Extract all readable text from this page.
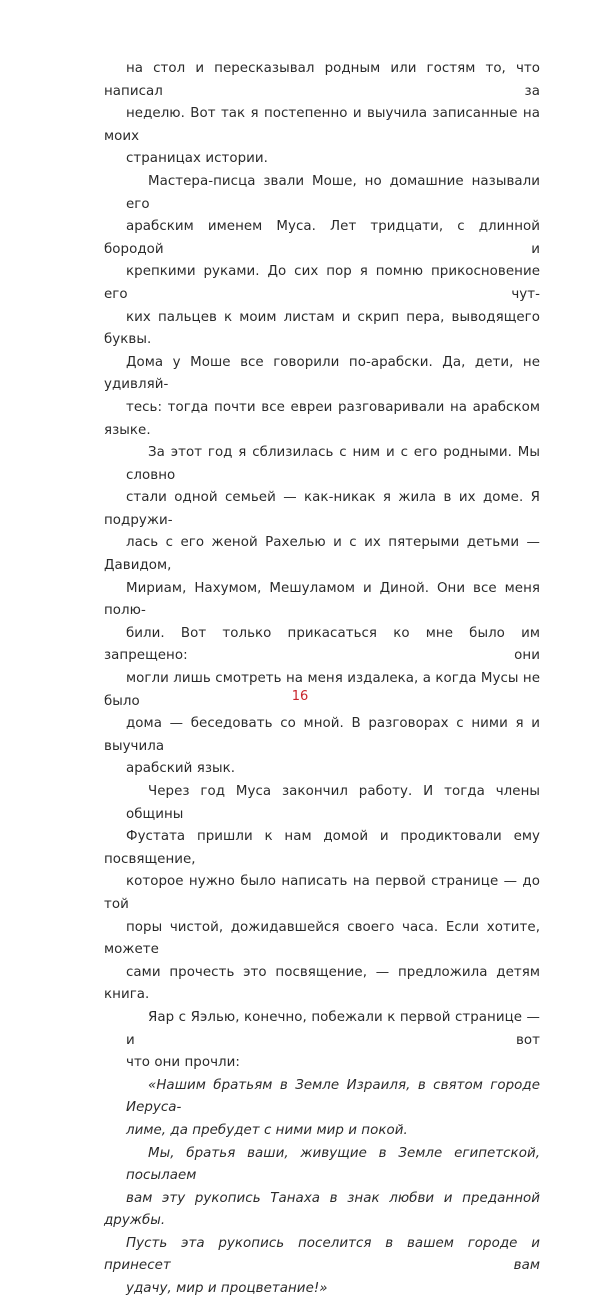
на стол и пересказывал родным или гостям то, что написал за
неделю. Вот так я постепенно и выучила записанные на моих
страницах истории.
Мастера-писца звали Моше, но домашние называли его
арабским именем Муса. Лет тридцати, с длинной бородой и
крепкими руками. До сих пор я помню прикосновение его чут-
ких пальцев к моим листам и скрип пера, выводящего буквы.
Дома у Моше все говорили по-арабски. Да, дети, не удивляй-
тесь: тогда почти все евреи разговаривали на арабском языке.
За этот год я сблизилась с ним и с его родными. Мы словно
стали одной семьей — как-никак я жила в их доме. Я подружи-
лась с его женой Рахелью и с их пятерыми детьми — Давидом,
Мириам, Нахумом, Мешуламом и Диной. Они все меня полю-
били. Вот только прикасаться ко мне было им запрещено: они
могли лишь смотреть на меня издалека, а когда Мусы не было
дома — беседовать со мной. В разговорах с ними я и выучила
арабский язык.
Через год Муса закончил работу. И тогда члены общины
Фустата пришли к нам домой и продиктовали ему посвящение,
которое нужно было написать на первой странице — до той
поры чистой, дожидавшейся своего часа. Если хотите, можете
сами прочесть это посвящение, — предложила детям книга.
Яар с Яэлью, конечно, побежали к первой странице — и вот
что они прочли:
«Нашим братьям в Земле Израиля, в святом городе Иеруса-
лиме, да пребудет с ними мир и покой.
Мы, братья ваши, живущие в Земле египетской, посылаем
вам эту рукопись Танаха в знак любви и преданной дружбы.
Пусть эта рукопись поселится в вашем городе и принесет вам
удачу, мир и процветание!»
16
